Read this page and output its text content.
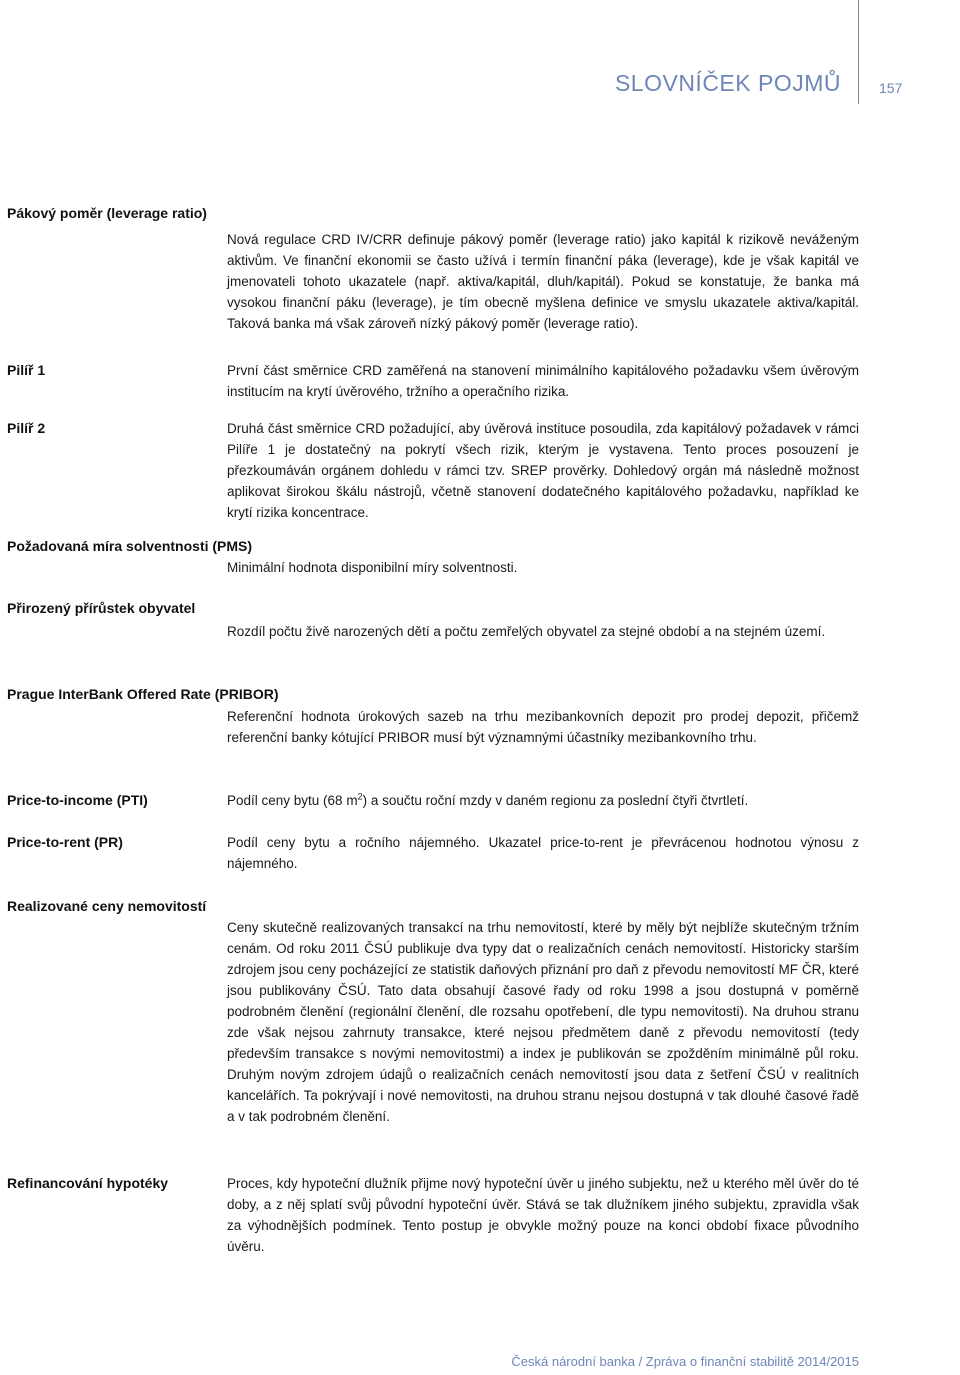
SLOVNÍČEK POJMŮ	157
Pákový poměr (leverage ratio)
Nová regulace CRD IV/CRR definuje pákový poměr (leverage ratio) jako kapitál k rizikově neváženým aktivům. Ve finanční ekonomii se často užívá i termín finanční páka (leverage), kde je však kapitál ve jmenovateli tohoto ukazatele (např. aktiva/kapitál, dluh/kapitál). Pokud se konstatuje, že banka má vysokou finanční páku (leverage), je tím obecně myšlena definice ve smyslu ukazatele aktiva/kapitál. Taková banka má však zároveň nízký pákový poměr (leverage ratio).
Pilíř 1	První část směrnice CRD zaměřená na stanovení minimálního kapitálového požadavku všem úvěrovým institucím na krytí úvěrového, tržního a operačního rizika.
Pilíř 2	Druhá část směrnice CRD požadující, aby úvěrová instituce posoudila, zda kapitálový požadavek v rámci Pilíře 1 je dostatečný na pokrytí všech rizik, kterým je vystavena. Tento proces posouzení je přezkoumáván orgánem dohledu v rámci tzv. SREP prověrky. Dohledový orgán má následně možnost aplikovat širokou škálu nástrojů, včetně stanovení dodatečného kapitálového požadavku, například ke krytí rizika koncentrace.
Požadovaná míra solventnosti (PMS)
Minimální hodnota disponibilní míry solventnosti.
Přirozený přírůstek obyvatel
Rozdíl počtu živě narozených dětí a počtu zemřelých obyvatel za stejné období a na stejném území.
Prague InterBank Offered Rate (PRIBOR)
Referenční hodnota úrokových sazeb na trhu mezibankovních depozit pro prodej depozit, přičemž referenční banky kótující PRIBOR musí být významnými účastníky mezibankovního trhu.
Price-to-income (PTI)	Podíl ceny bytu (68 $m^2$) a součtu roční mzdy v daném regionu za poslední čtyři čtvrtletí.
Price-to-rent (PR)	Podíl ceny bytu a ročního nájemného. Ukazatel price-to-rent je převrácenou hodnotou výnosu z nájemného.
Realizované ceny nemovitostí
Ceny skutečně realizovaných transakcí na trhu nemovitostí, které by měly být nejblíže skutečným tržním cenám. Od roku 2011 ČSÚ publikuje dva typy dat o realizačních cenách nemovitostí. Historicky starším zdrojem jsou ceny pocházející ze statistik daňových přiznání pro daň z převodu nemovitostí MF ČR, které jsou publikovány ČSÚ. Tato data obsahují časové řady od roku 1998 a jsou dostupná v poměrně podrobném členění (regionální členění, dle rozsahu opotřebení, dle typu nemovitosti). Na druhou stranu zde však nejsou zahrnuty transakce, které nejsou předmětem daně z převodu nemovitostí (tedy především transakce s novými nemovitostmi) a index je publikován se zpožděním minimálně půl roku. Druhým novým zdrojem údajů o realizačních cenách nemovitostí jsou data z šetření ČSÚ v realitních kancelářích. Ta pokrývají i nové nemovitosti, na druhou stranu nejsou dostupná v tak dlouhé časové řadě a v tak podrobném členění.
Refinancování hypotéky	Proces, kdy hypoteční dlužník přijme nový hypoteční úvěr u jiného subjektu, než u kterého měl úvěr do té doby, a z něj splatí svůj původní hypoteční úvěr. Stává se tak dlužníkem jiného subjektu, zpravidla však za výhodnějších podmínek. Tento postup je obvykle možný pouze na konci období fixace původního úvěru.
Česká národní banka / Zpráva o finanční stabilitě 2014/2015
